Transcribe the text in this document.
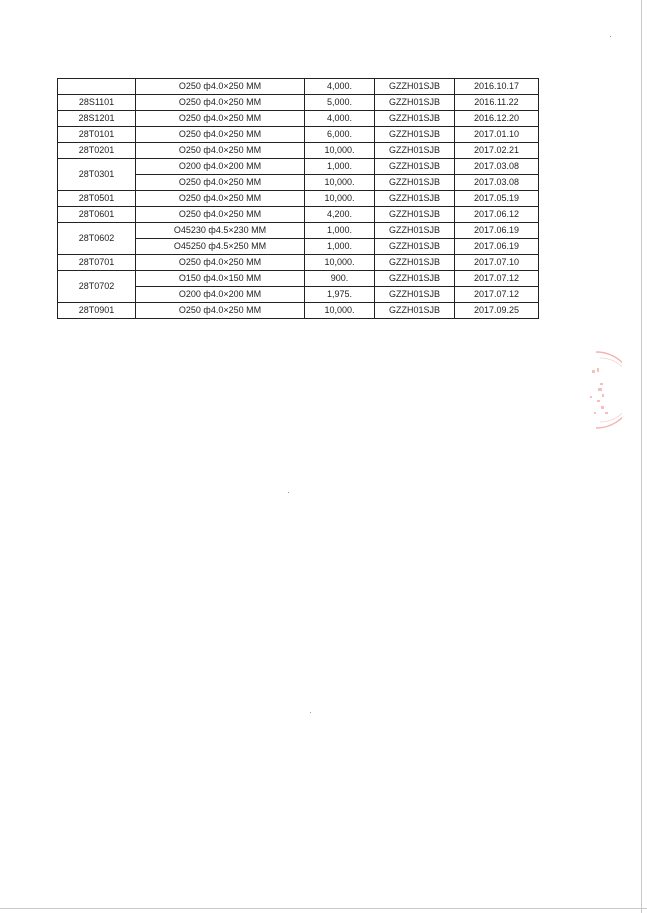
	O250 ф4.0×250 MM	4,000.	GZZH01SJB	2016.10.17
28S1101	O250 ф4.0×250 MM	5,000.	GZZH01SJB	2016.11.22
28S1201	O250 ф4.0×250 MM	4,000.	GZZH01SJB	2016.12.20
28T0101	O250 ф4.0×250 MM	6,000.	GZZH01SJB	2017.01.10
28T0201	O250 ф4.0×250 MM	10,000.	GZZH01SJB	2017.02.21
28T0301	O200 ф4.0×200 MM	1,000.	GZZH01SJB	2017.03.08
	O250 ф4.0×250 MM	10,000.	GZZH01SJB	2017.03.08
28T0501	O250 ф4.0×250 MM	10,000.	GZZH01SJB	2017.05.19
28T0601	O250 ф4.0×250 MM	4,200.	GZZH01SJB	2017.06.12
28T0602	O45230 ф4.5×230 MM	1,000.	GZZH01SJB	2017.06.19
	O45250 ф4.5×250 MM	1,000.	GZZH01SJB	2017.06.19
28T0701	O250 ф4.0×250 MM	10,000.	GZZH01SJB	2017.07.10
28T0702	O150 ф4.0×150 MM	900.	GZZH01SJB	2017.07.12
	O200 ф4.0×200 MM	1,975.	GZZH01SJB	2017.07.12
28T0901	O250 ф4.0×250 MM	10,000.	GZZH01SJB	2017.09.25
